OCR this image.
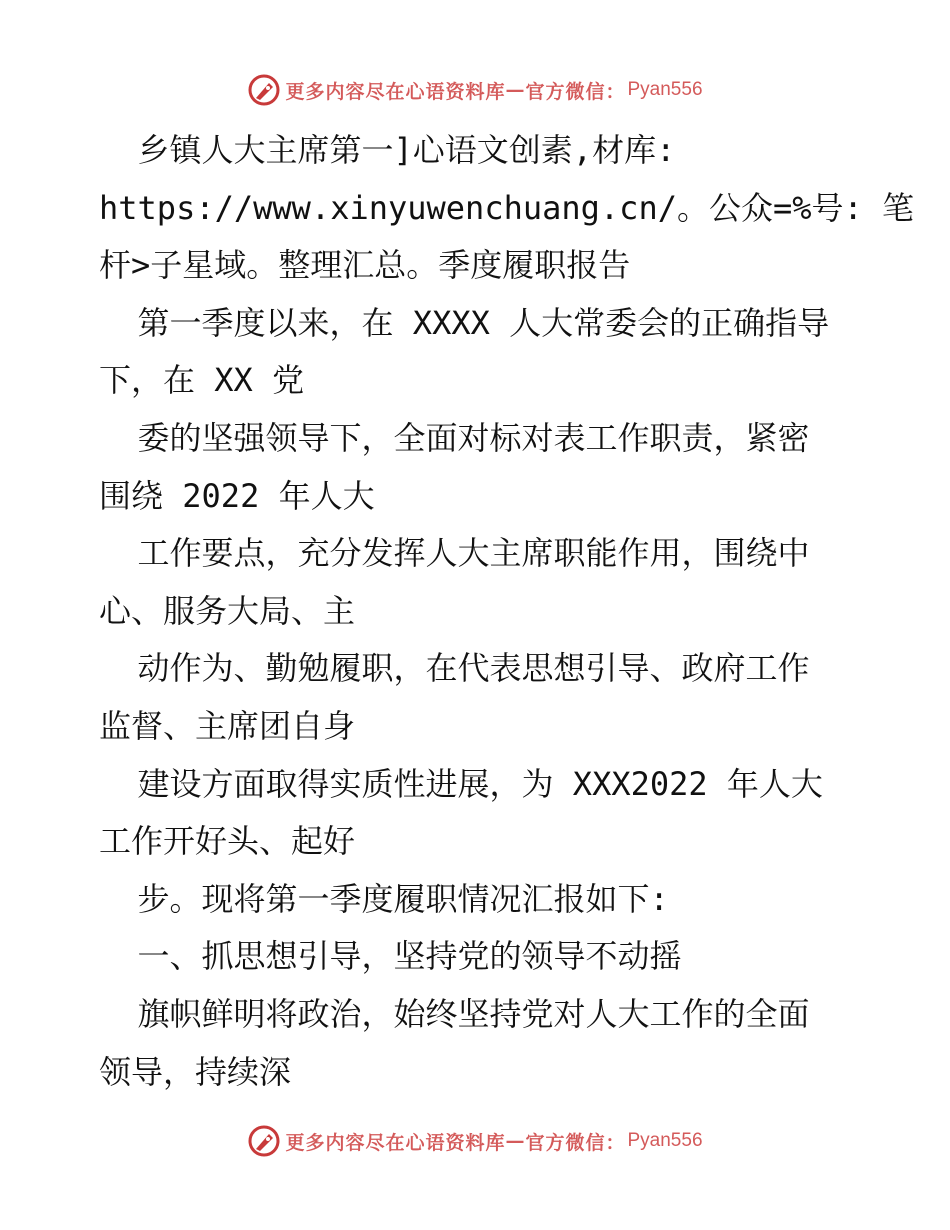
更多内容尽在心语资料库 — 官方微信： Pyan556
乡镇人大主席第一]心语文创素,材库:
https://www.xinyuwenchuang.cn/。公众=%号: 笔
杆>子星域。整理汇总。季度履职报告
第一季度以来，在 XXXX 人大常委会的正确指导
下，在 XX 党
委的坚强领导下，全面对标对表工作职责，紧密
围绕 2022 年人大
工作要点，充分发挥人大主席职能作用，围绕中
心、服务大局、主
动作为、勤勉履职，在代表思想引导、政府工作
监督、主席团自身
建设方面取得实质性进展，为 XXX2022 年人大
工作开好头、起好
步。现将第一季度履职情况汇报如下:
一、抓思想引导，坚持党的领导不动摇
旗帜鲜明将政治，始终坚持党对人大工作的全面
领导，持续深
更多内容尽在心语资料库 — 官方微信： Pyan556
